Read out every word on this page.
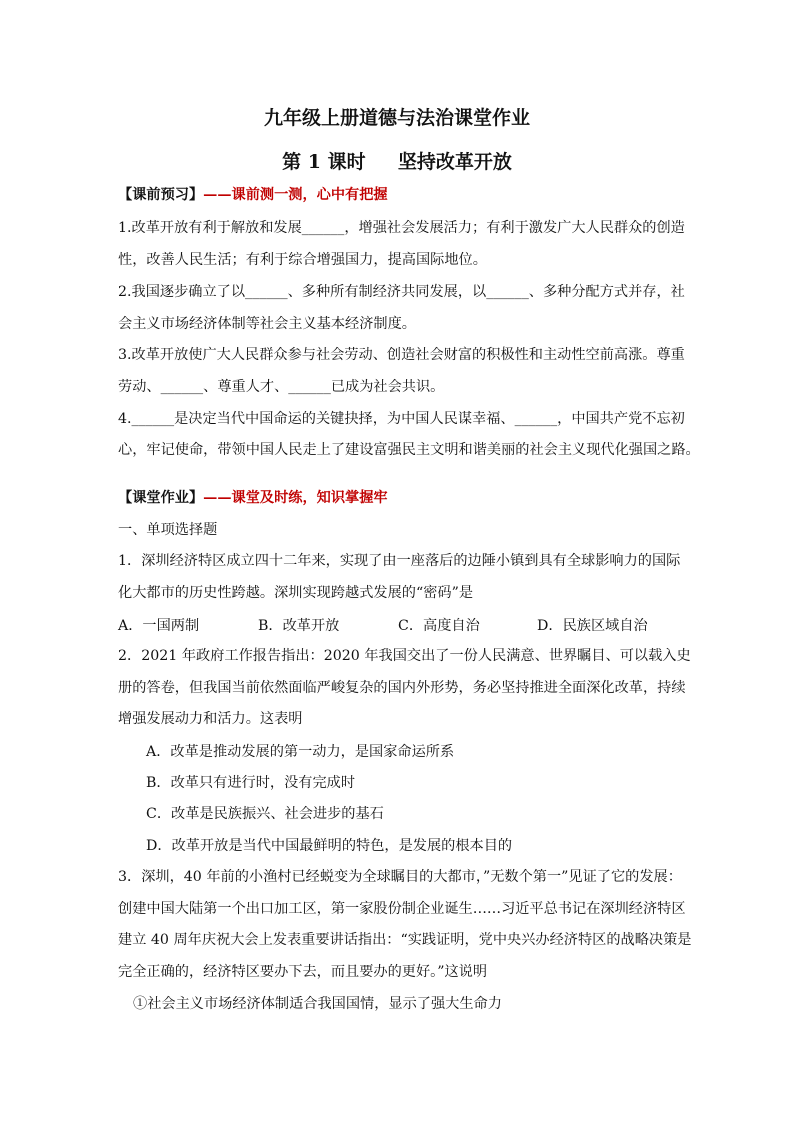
九年级上册道德与法治课堂作业
第 1 课时 　 坚持改革开放
【课前预习】——课前测一测，心中有把握
1.改革开放有利于解放和发展______，增强社会发展活力；有利于激发广大人民群众的创造
性，改善人民生活；有利于综合增强国力，提高国际地位。
2.我国逐步确立了以______、多种所有制经济共同发展，以______、多种分配方式并存，社
会主义市场经济体制等社会主义基本经济制度。
3.改革开放使广大人民群众参与社会劳动、创造社会财富的积极性和主动性空前高涨。尊重
劳动、______、尊重人才、______已成为社会共识。
4.______是决定当代中国命运的关键抉择，为中国人民谋幸福、______，中国共产党不忘初
心，牢记使命，带领中国人民走上了建设富强民主文明和谐美丽的社会主义现代化强国之路。
【课堂作业】——课堂及时练，知识掌握牢
一、单项选择题
1．深圳经济特区成立四十二年来，实现了由一座落后的边陲小镇到具有全球影响力的国际
化大都市的历史性跨越。深圳实现跨越式发展的“密码”是
A．一国两制	B．改革开放	C．高度自治	D．民族区域自治
2．2021 年政府工作报告指出：2020 年我国交出了一份人民满意、世界瞩目、可以载入史
册的答卷，但我国当前依然面临严峻复杂的国内外形势，务必坚持推进全面深化改革，持续
增强发展动力和活力。这表明
A．改革是推动发展的第一动力，是国家命运所系
B．改革只有进行时，没有完成时
C．改革是民族振兴、社会进步的基石
D．改革开放是当代中国最鲜明的特色，是发展的根本目的
3．深圳，40 年前的小渔村已经蜕变为全球瞩目的大都市，”无数个第一”见证了它的发展：
创建中国大陆第一个出口加工区，第一家股份制企业诞生……习近平总书记在深圳经济特区
建立 40 周年庆祝大会上发表重要讲话指出：“实践证明，党中央兴办经济特区的战略决策是
完全正确的，经济特区要办下去，而且要办的更好。”这说明
①社会主义市场经济体制适合我国国情，显示了强大生命力
